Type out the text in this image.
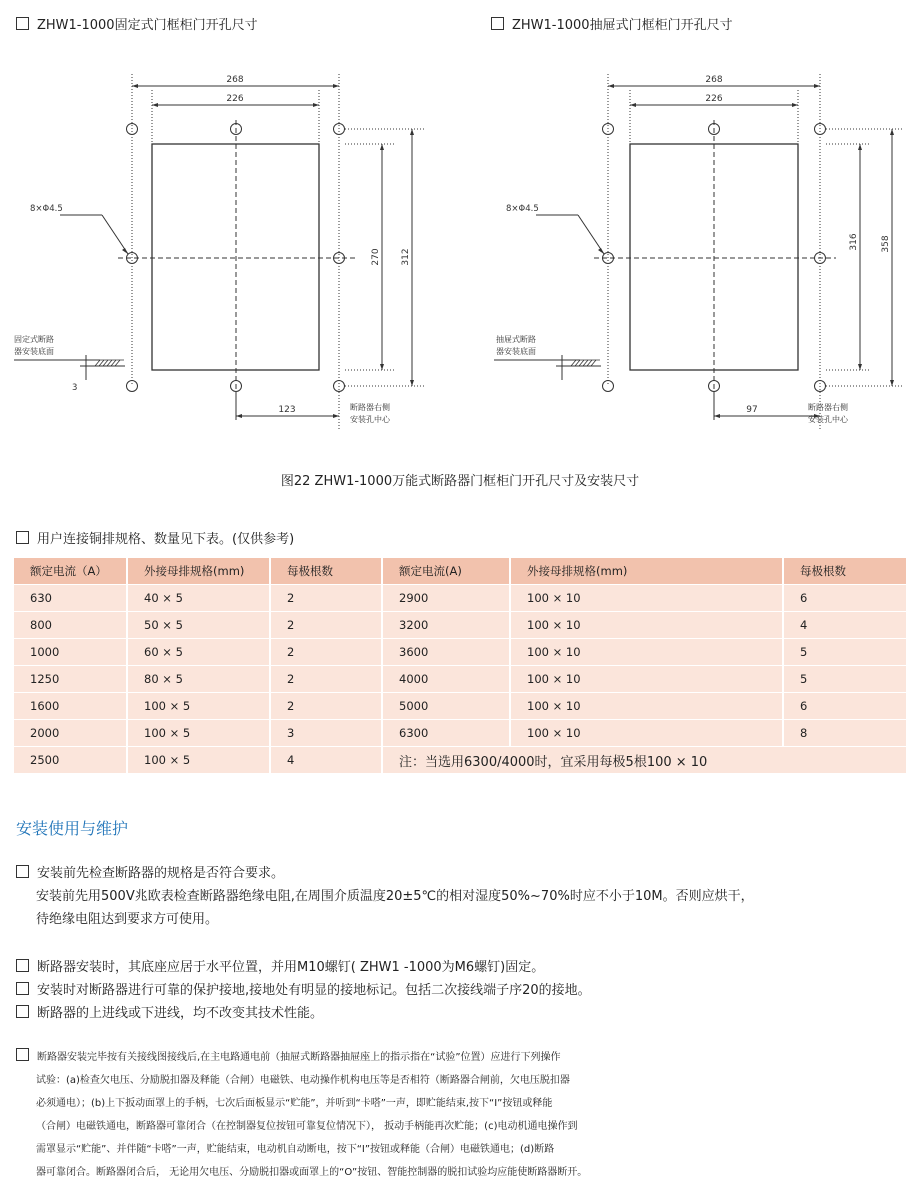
ZHW1-1000固定式门框柜门开孔尺寸	ZHW1-1000抽屉式门框柜门开孔尺寸
268
226
8×Φ4.5
270 312
固定式断路
器安装底面
3
123	断路器右侧
安装孔中心
268
226
8×Φ4.5
316 358
抽屉式断路
器安装底面
97	断路器右侧
安装孔中心
图22 ZHW1-1000万能式断路器门框柜门开孔尺寸及安装尺寸
用户连接铜排规格、数量见下表。(仅供参考)
额定电流（A）	外接母排规格(mm)	每极根数	额定电流(A)	外接母排规格(mm)	每极根数
630	40 × 5	2	2900	100 × 10	6
800	50 × 5	2	3200	100 × 10	4
1000	60 × 5	2	3600	100 × 10	5
1250	80 × 5	2	4000	100 × 10	5
1600	100 × 5	2	5000	100 × 10	6
2000	100 × 5	3	6300	100 × 10	8
2500	100 × 5	4	注：当选用6300/4000时，宜采用每极5根100 × 10		
安装使用与维护
安装前先检查断路器的规格是否符合要求。
安装前先用500V兆欧表检查断路器绝缘电阻,在周围介质温度20±5℃的相对湿度50%~70%时应不小于10M。否则应烘干，
待绝缘电阻达到要求方可使用。
断路器安装时，其底座应居于水平位置，并用M10螺钉( ZHW1 -1000为M6螺钉)固定。
安装时对断路器进行可靠的保护接地,接地处有明显的接地标记。包括二次接线端子序20的接地。
断路器的上进线或下进线，均不改变其技术性能。
断路器安装完毕按有关接线图接线后,在主电路通电前（抽屉式断路器抽屉座上的指示指在“试验”位置）应进行下列操作
试验：(a)检查欠电压、分励脱扣器及释能（合闸）电磁铁、电动操作机构电压等是否相符（断路器合闸前，欠电压脱扣器
必须通电）；(b)上下扳动面罩上的手柄，七次后面板显示“贮能”，并听到“卡嗒”一声，即贮能结束,按下“I”按钮或释能
（合闸）电磁铁通电，断路器可靠闭合（在控制器复位按钮可靠复位情况下）， 扳动手柄能再次贮能；(c)电动机通电操作到
需罩显示“贮能”、并伴随“卡嗒”一声，贮能结束，电动机自动断电，按下“I”按钮或释能（合闸）电磁铁通电；(d)断路
器可靠闭合。断路器闭合后， 无论用欠电压、分励脱扣器或面罩上的“O”按钮、智能控制器的脱扣试验均应能使断路器断开。
